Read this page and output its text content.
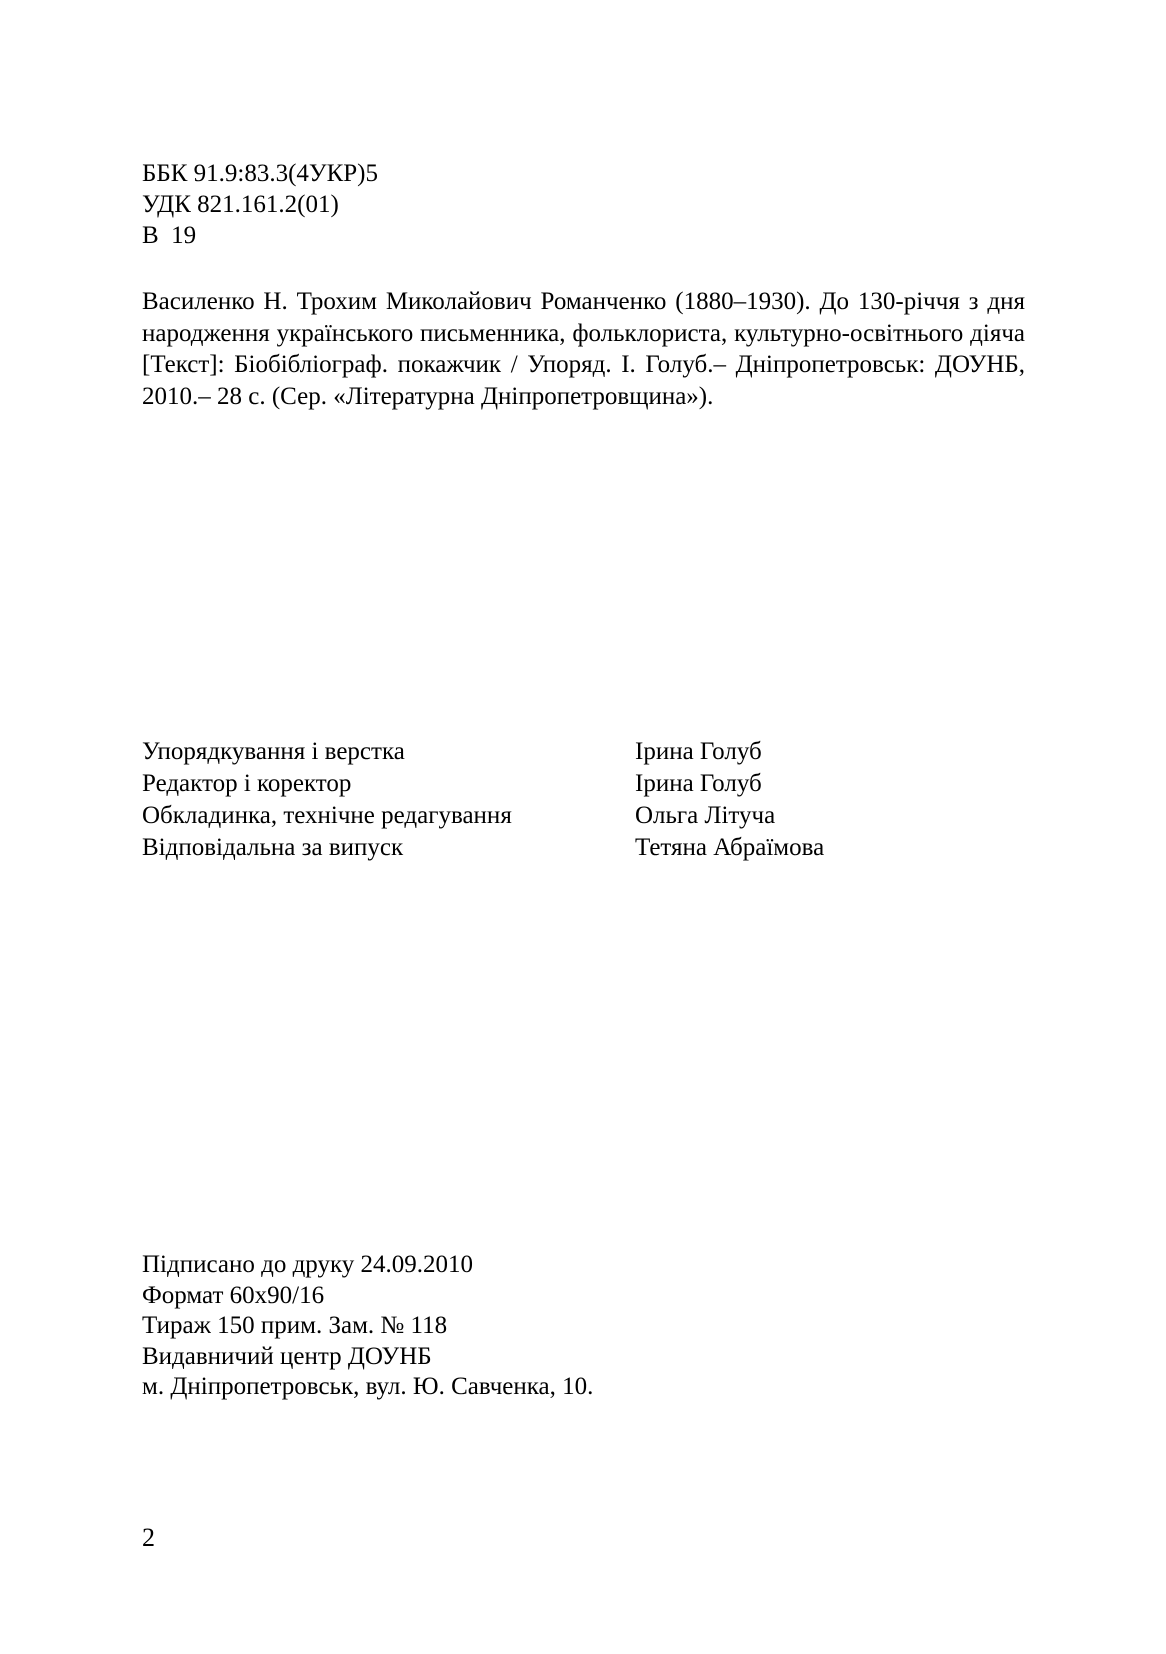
ББК 91.9:83.3(4УКР)5
УДК 821.161.2(01)
В  19
Василенко Н. Трохим Миколайович Романченко (1880–1930). До 130-річчя з дня народження українського письменника, фольклориста, культурно-освітнього діяча [Текст]: Біобібліограф. покажчик / Упоряд. І. Голуб.– Дніпропетровськ: ДОУНБ, 2010.– 28 с. (Сер. «Літературна Дніпропетровщина»).
Упорядкування і верстка	Ірина Голуб
Редактор і коректор	Ірина Голуб
Обкладинка, технічне редагування	Ольга Літуча
Відповідальна за випуск	Тетяна Абраїмова
Підписано до друку 24.09.2010
Формат 60х90/16
Тираж 150 прим. Зам. № 118
Видавничий центр ДОУНБ
м. Дніпропетровськ, вул. Ю. Савченка, 10.
2
